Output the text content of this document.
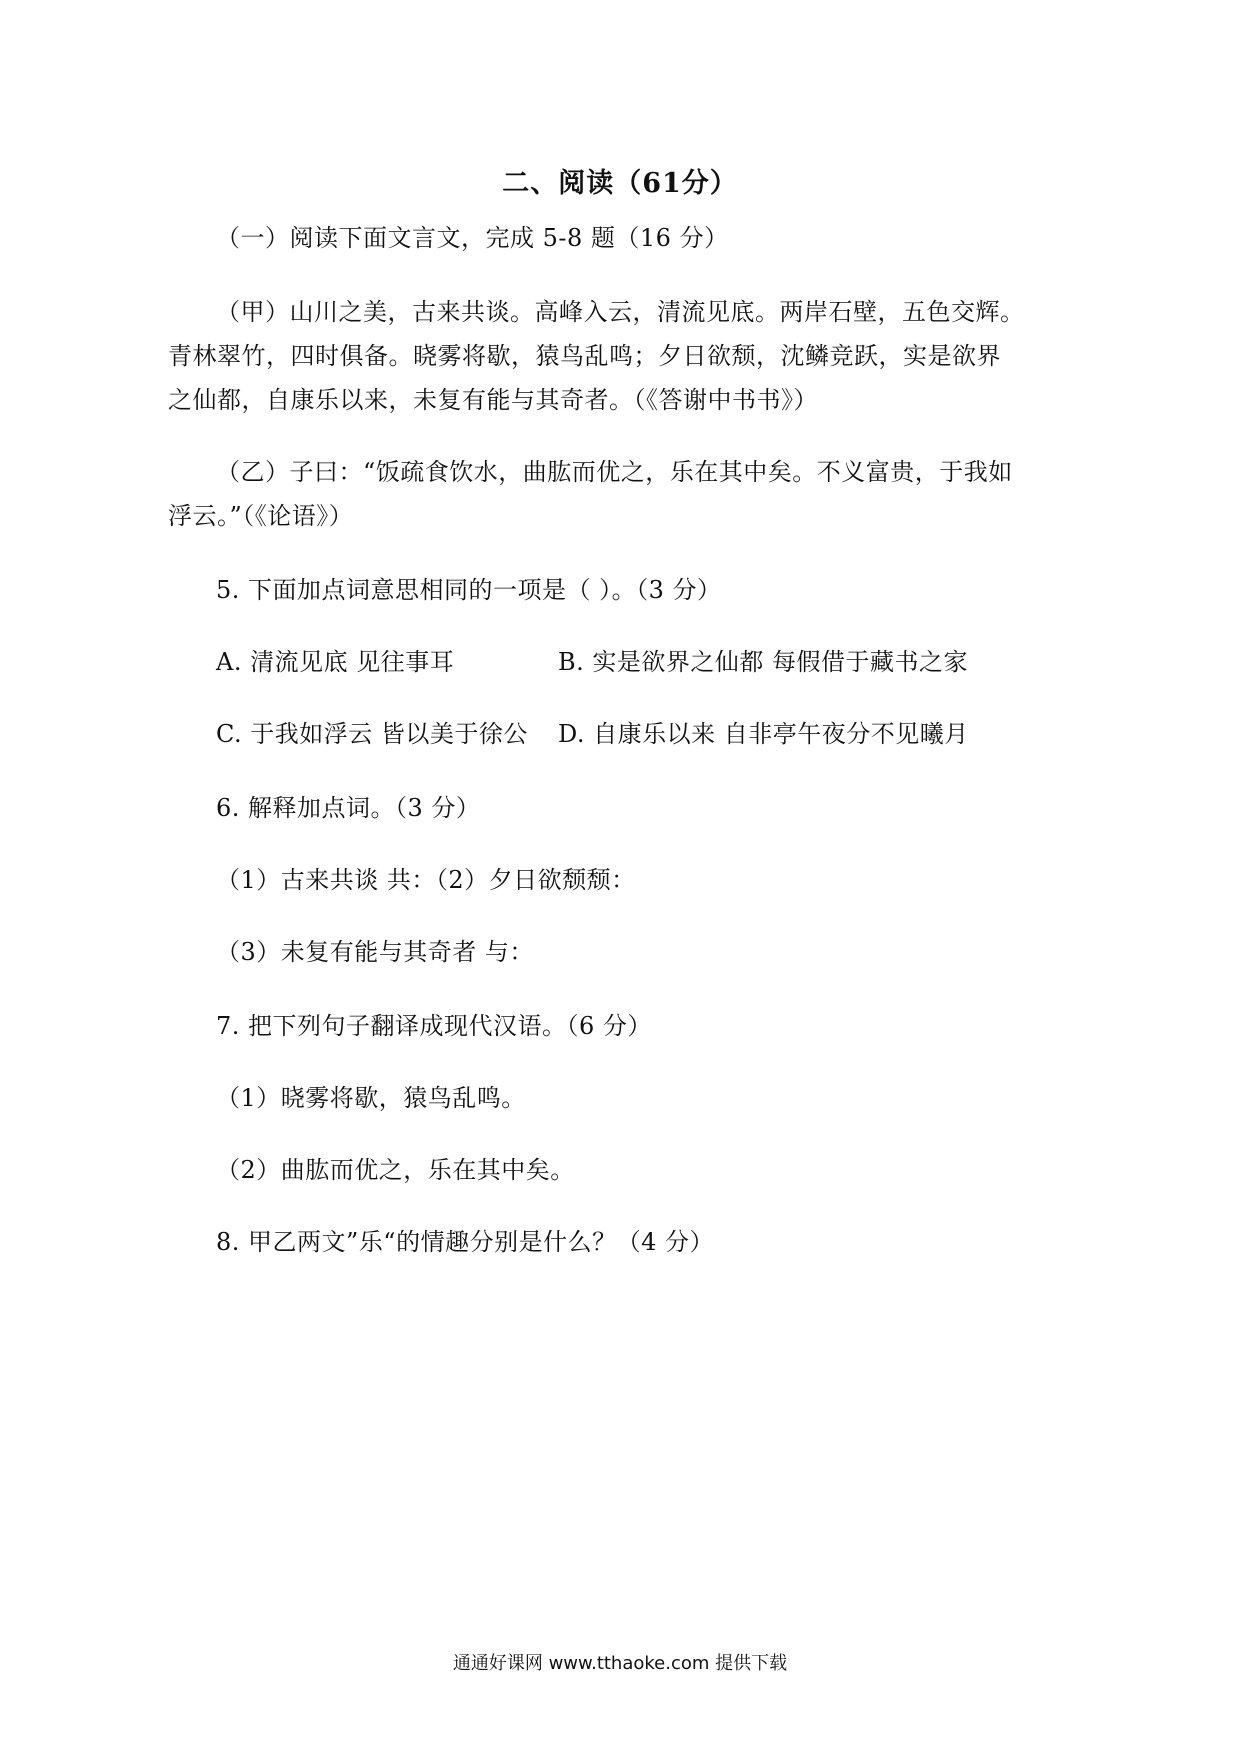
二、阅读（61分）
（一）阅读下面文言文，完成 5-8 题（16 分）
（甲）山川之美，古来共谈。高峰入云，清流见底。两岸石壁，五色交辉。
青林翠竹，四时俱备。晓雾将歇，猿鸟乱鸣；夕日欲颓，沈鳞竞跃，实是欲界
之仙都，自康乐以来，未复有能与其奇者。（《答谢中书书》）
（乙）子曰：“饭疏食饮水，曲肱而优之，乐在其中矣。不义富贵，于我如
浮云。”（《论语》）
5. 下面加点词意思相同的一项是（ ）。（3 分）
A. 清流见底 见往事耳	B. 实是欲界之仙都 每假借于藏书之家
C. 于我如浮云 皆以美于徐公 D. 自康乐以来 自非亭午夜分不见曦月
6. 解释加点词。（3 分）
（1）古来共谈 共：（2）夕日欲颓颓：
（3）未复有能与其奇者 与：
7. 把下列句子翻译成现代汉语。（6 分）
（1）晓雾将歇，猿鸟乱鸣。
（2）曲肱而优之，乐在其中矣。
8. 甲乙两文”乐“的情趣分别是什么？（4 分）
通通好课网 www.tthaoke.com 提供下载
